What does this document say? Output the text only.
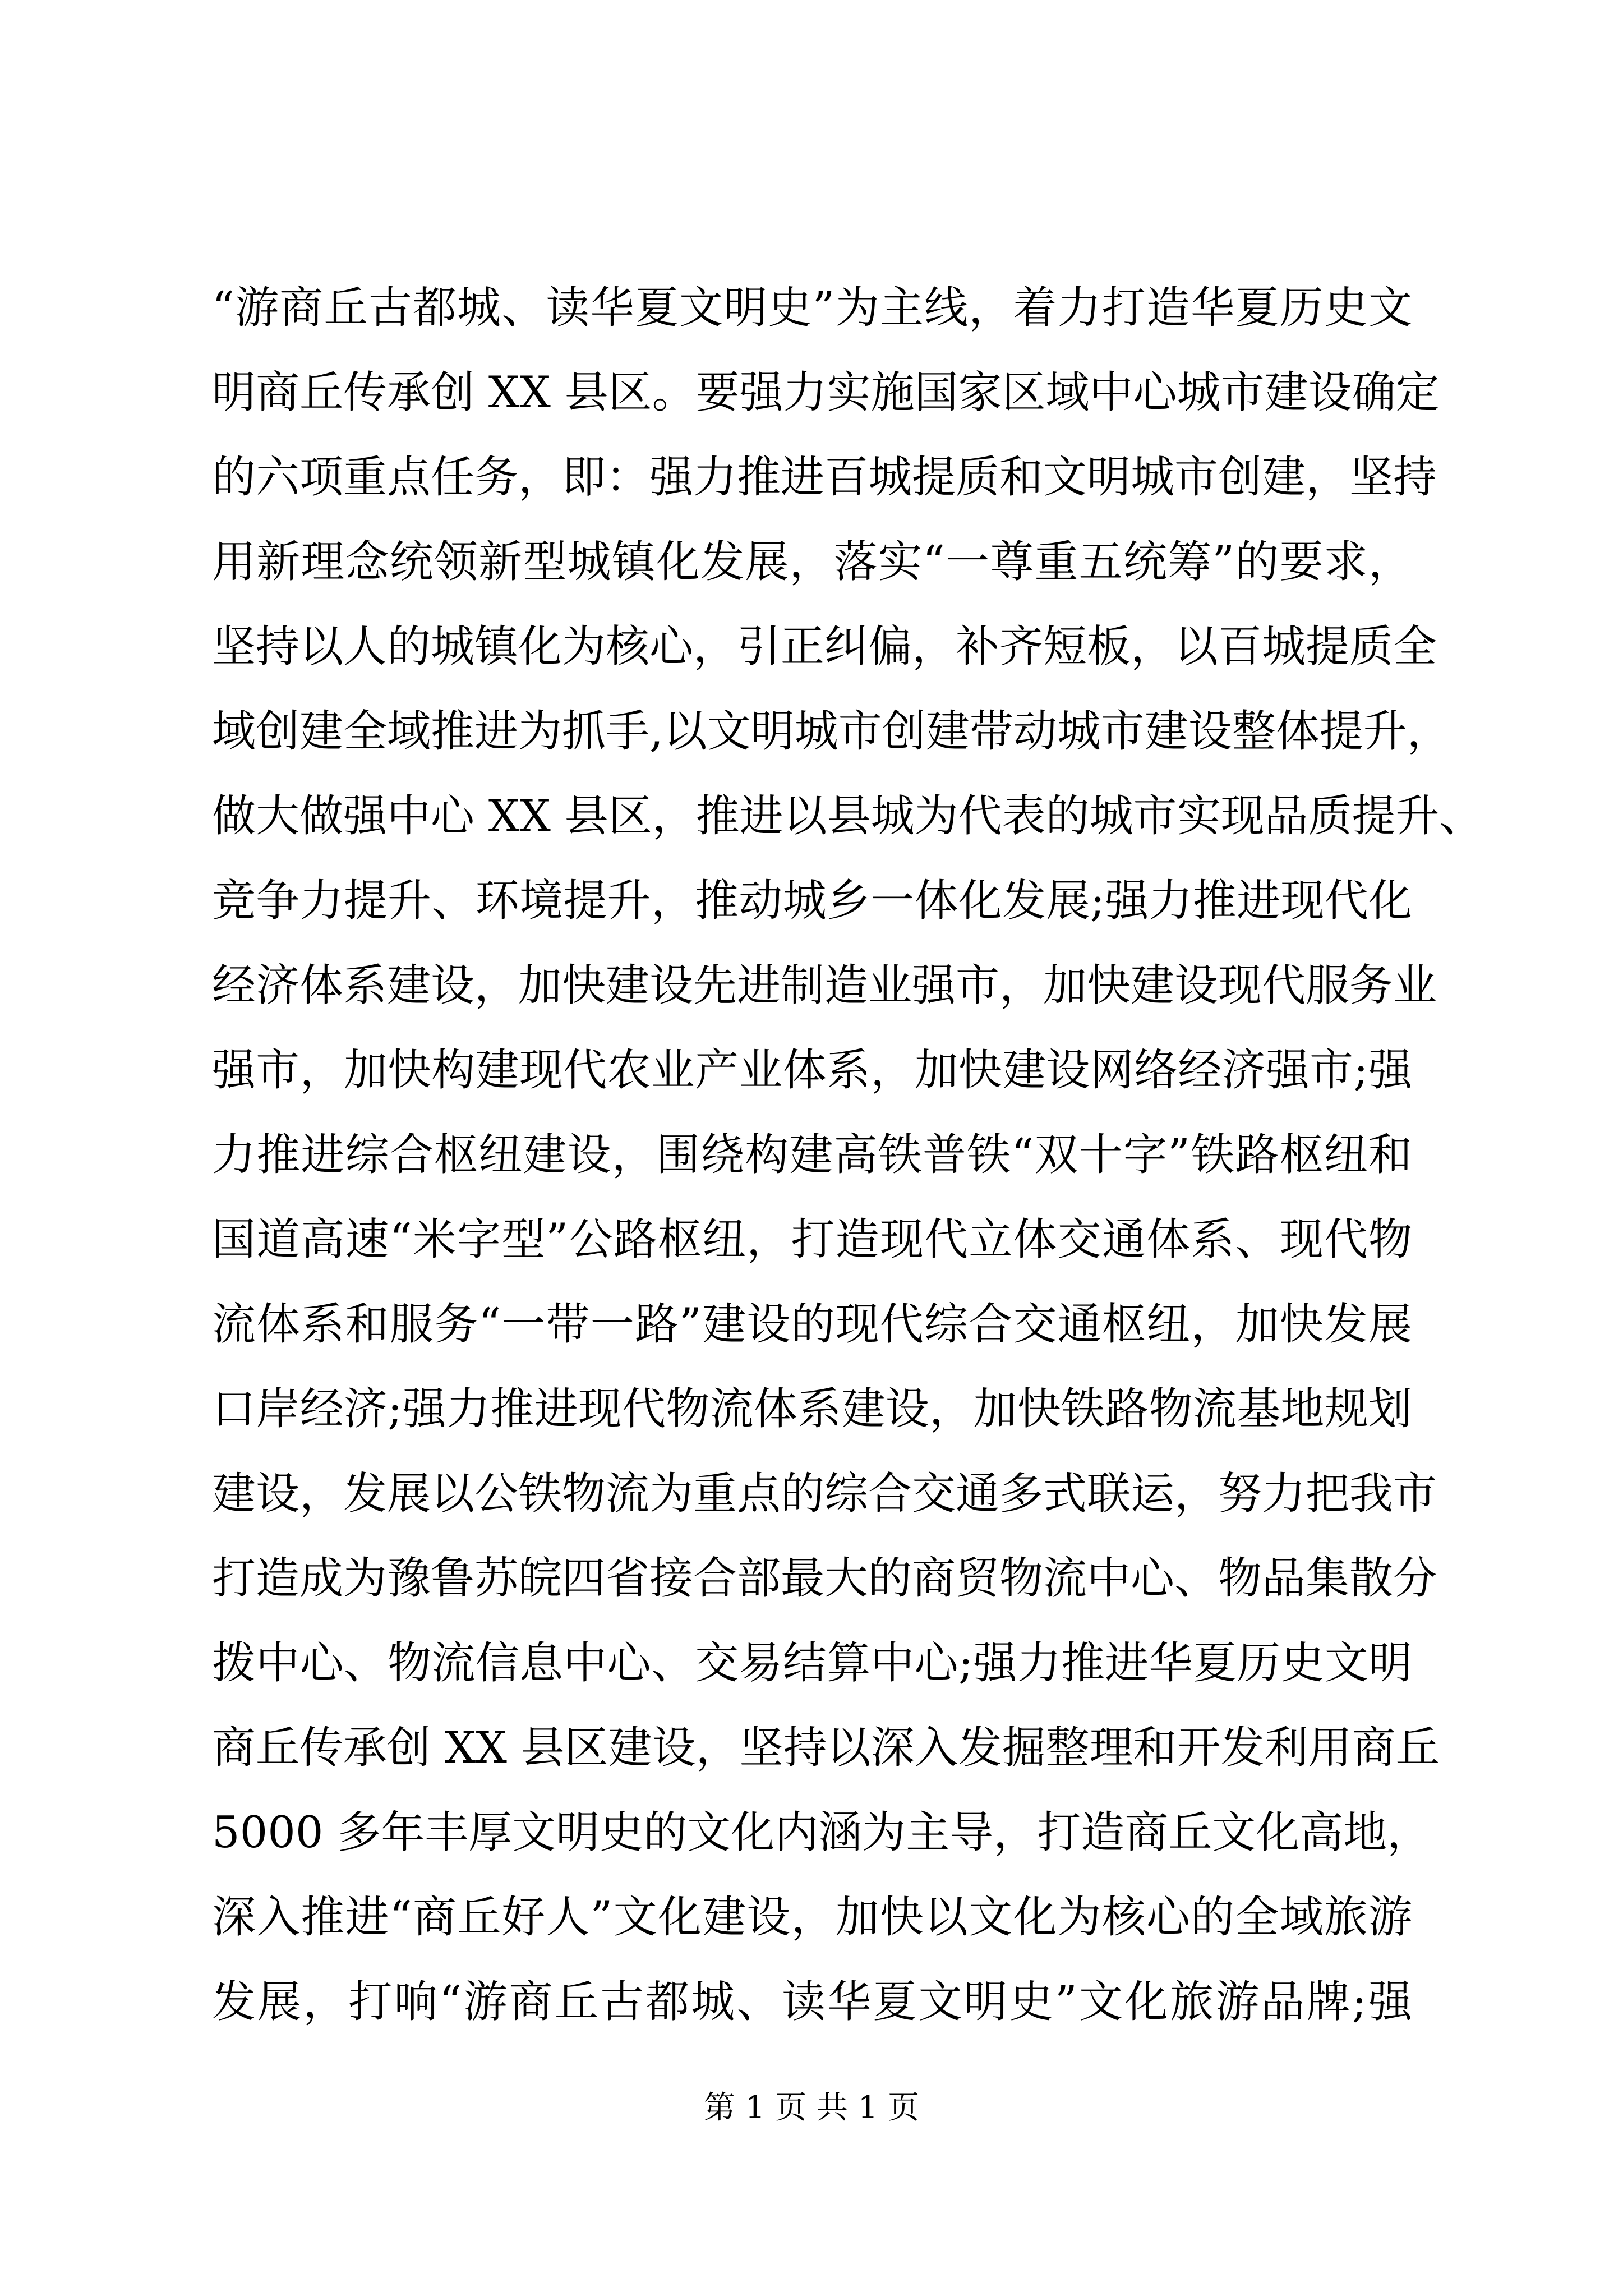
“游商丘古都城、读华夏文明史”为主线，着力打造华夏历史文
明商丘传承创 XX 县区。要强力实施国家区域中心城市建设确定
的六项重点任务，即：强力推进百城提质和文明城市创建，坚持
用新理念统领新型城镇化发展，落实“一尊重五统筹”的要求，
坚持以人的城镇化为核心，引正纠偏，补齐短板，以百城提质全
域创建全域推进为抓手,以文明城市创建带动城市建设整体提升，
做大做强中心 XX 县区，推进以县城为代表的城市实现品质提升、
竞争力提升、环境提升，推动城乡一体化发展;强力推进现代化
经济体系建设，加快建设先进制造业强市，加快建设现代服务业
强市，加快构建现代农业产业体系，加快建设网络经济强市;强
力推进综合枢纽建设，围绕构建高铁普铁“双十字”铁路枢纽和
国道高速“米字型”公路枢纽，打造现代立体交通体系、现代物
流体系和服务“一带一路”建设的现代综合交通枢纽，加快发展
口岸经济;强力推进现代物流体系建设，加快铁路物流基地规划
建设，发展以公铁物流为重点的综合交通多式联运，努力把我市
打造成为豫鲁苏皖四省接合部最大的商贸物流中心、物品集散分
拨中心、物流信息中心、交易结算中心;强力推进华夏历史文明
商丘传承创 XX 县区建设，坚持以深入发掘整理和开发利用商丘
5000 多年丰厚文明史的文化内涵为主导，打造商丘文化高地，
深入推进“商丘好人”文化建设，加快以文化为核心的全域旅游
发展，打响“游商丘古都城、读华夏文明史”文化旅游品牌;强
第 1 页 共 1 页
